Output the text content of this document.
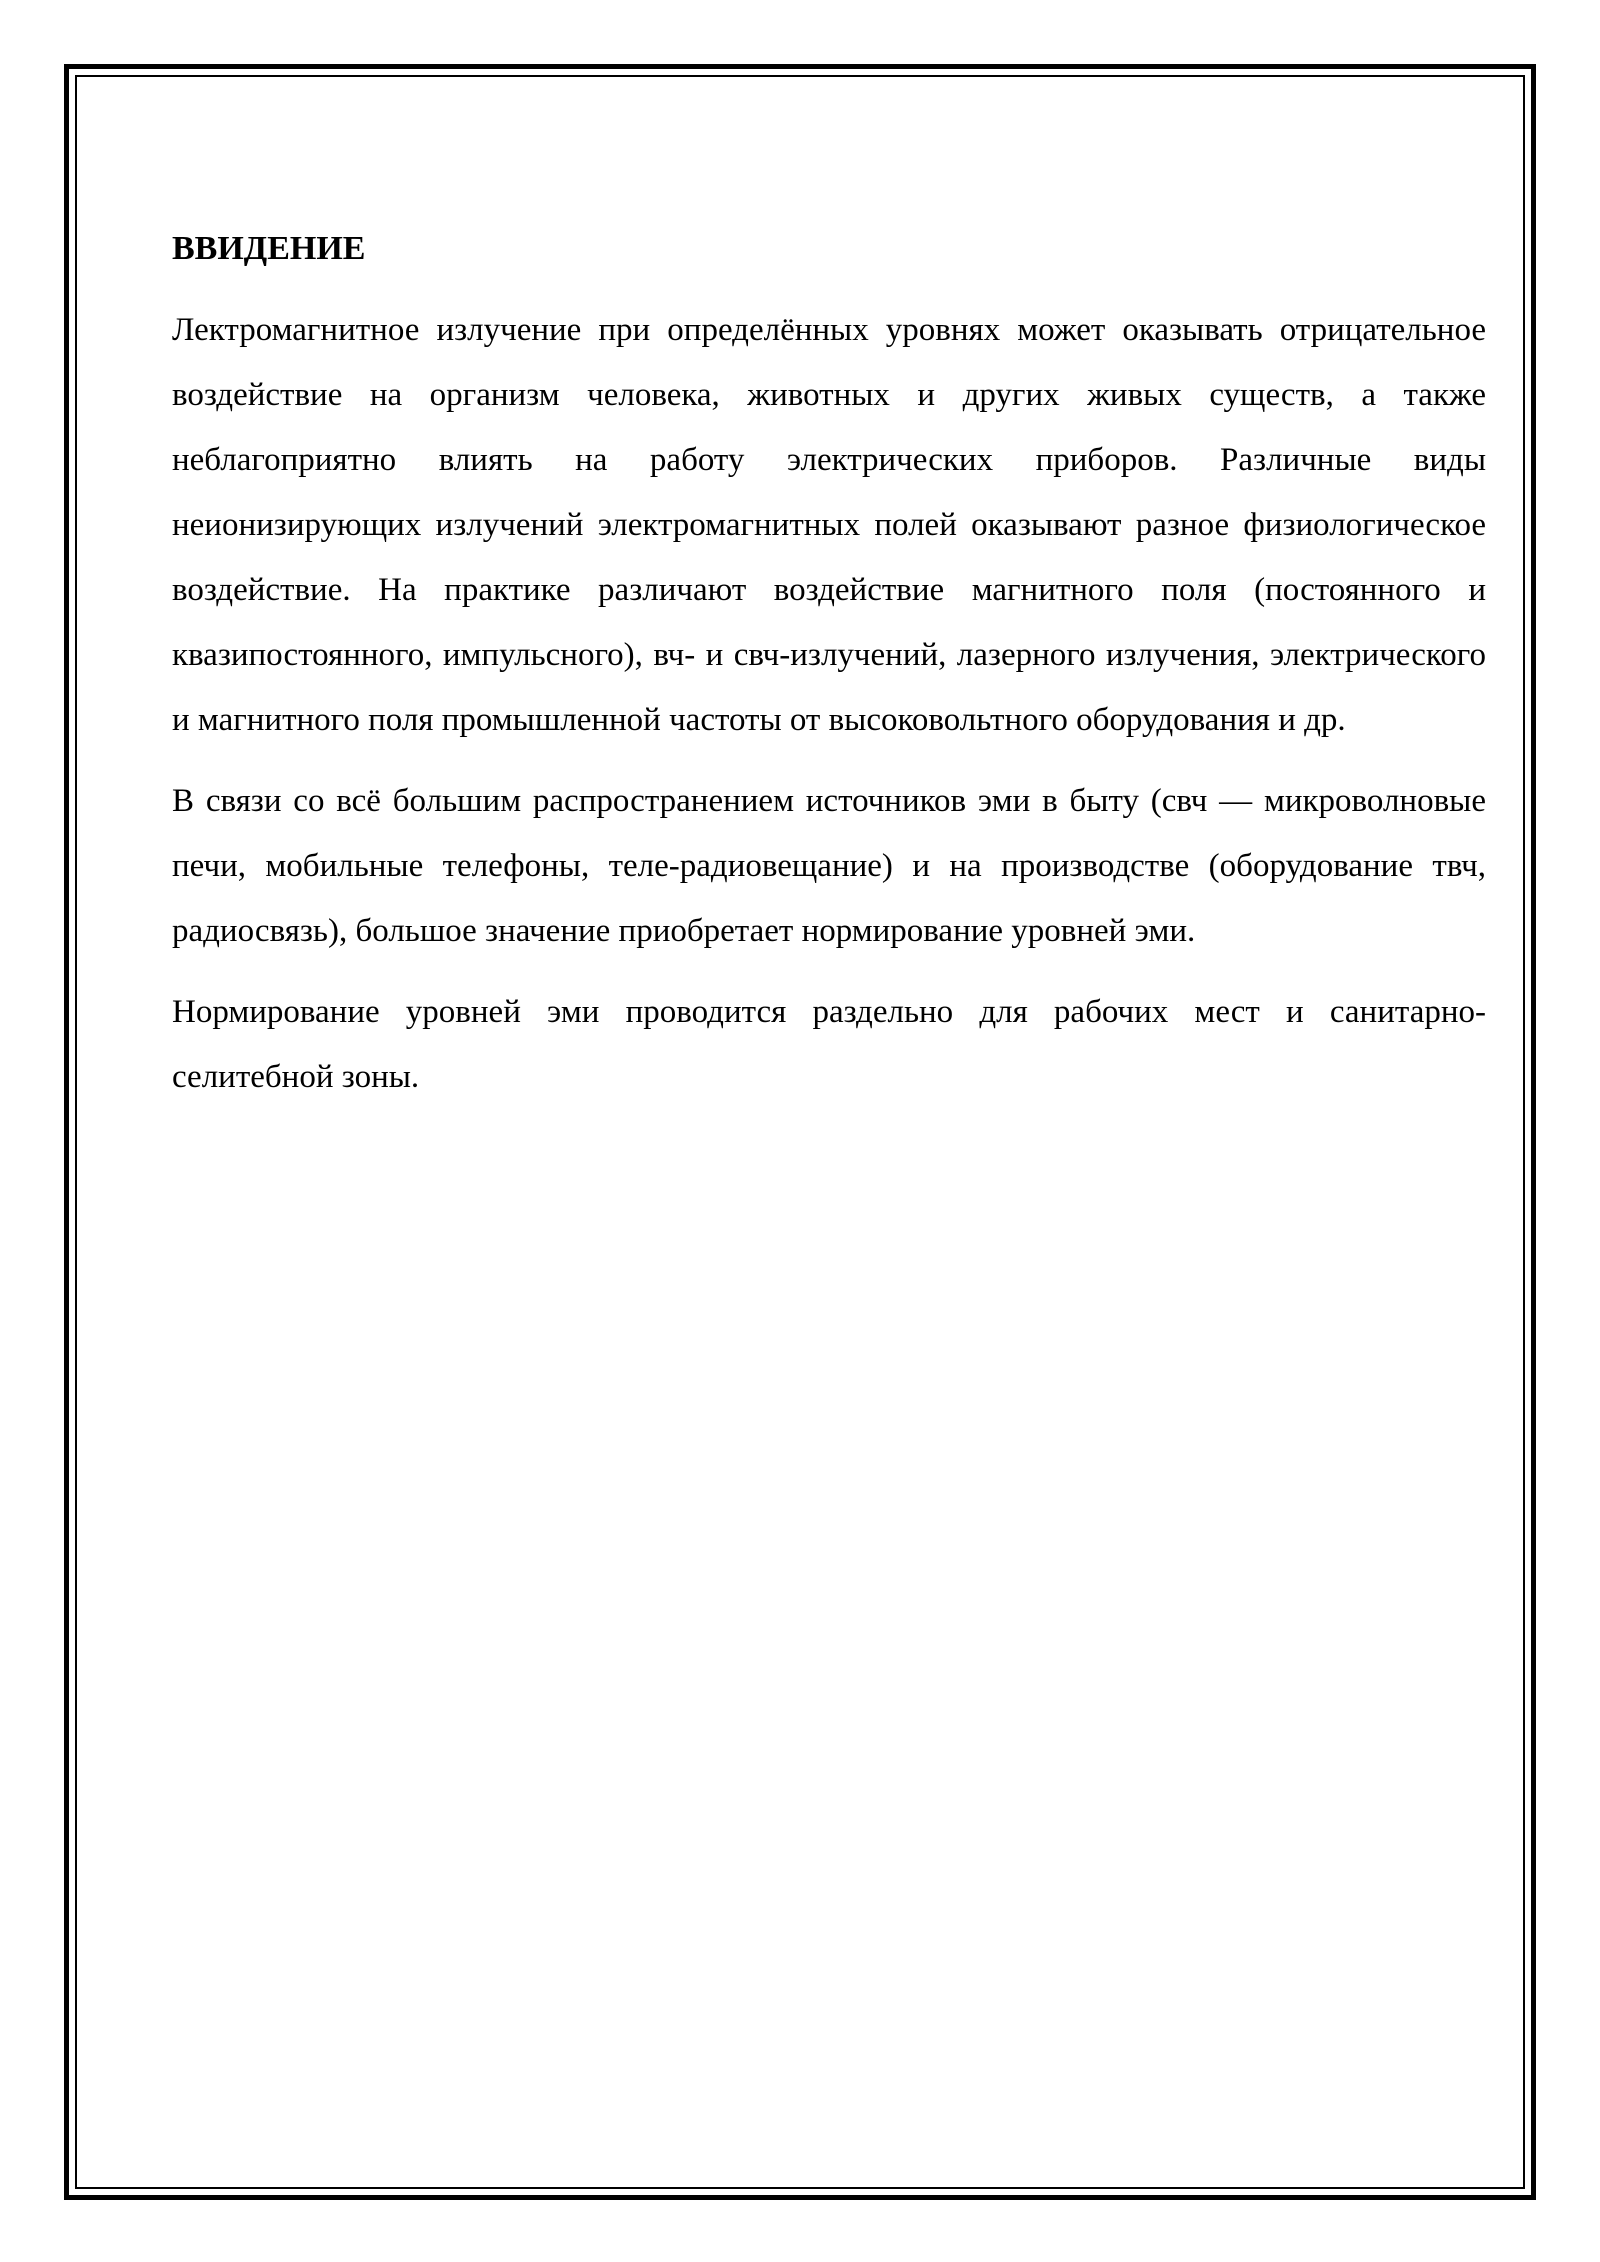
ВВИДЕНИЕ

Лектромагнитное излучение при определённых уровнях может оказывать отрицательное воздействие на организм человека, животных и других живых существ, а также неблагоприятно влиять на работу электрических приборов. Различные виды неионизирующих излучений электромагнитных полей оказывают разное физиологическое воздействие. На практике различают воздействие магнитного поля (постоянного и квазипостоянного, импульсного), вч- и свч-излучений, лазерного излучения, электрического и магнитного поля промышленной частоты от высоковольтного оборудования и др.

В связи со всё большим распространением источников эми в быту (свч — микроволновые печи, мобильные телефоны, теле-радиовещание) и на производстве (оборудование твч, радиосвязь), большое значение приобретает нормирование уровней эми.

Нормирование уровней эми проводится раздельно для рабочих мест и санитарно-селитебной зоны.
